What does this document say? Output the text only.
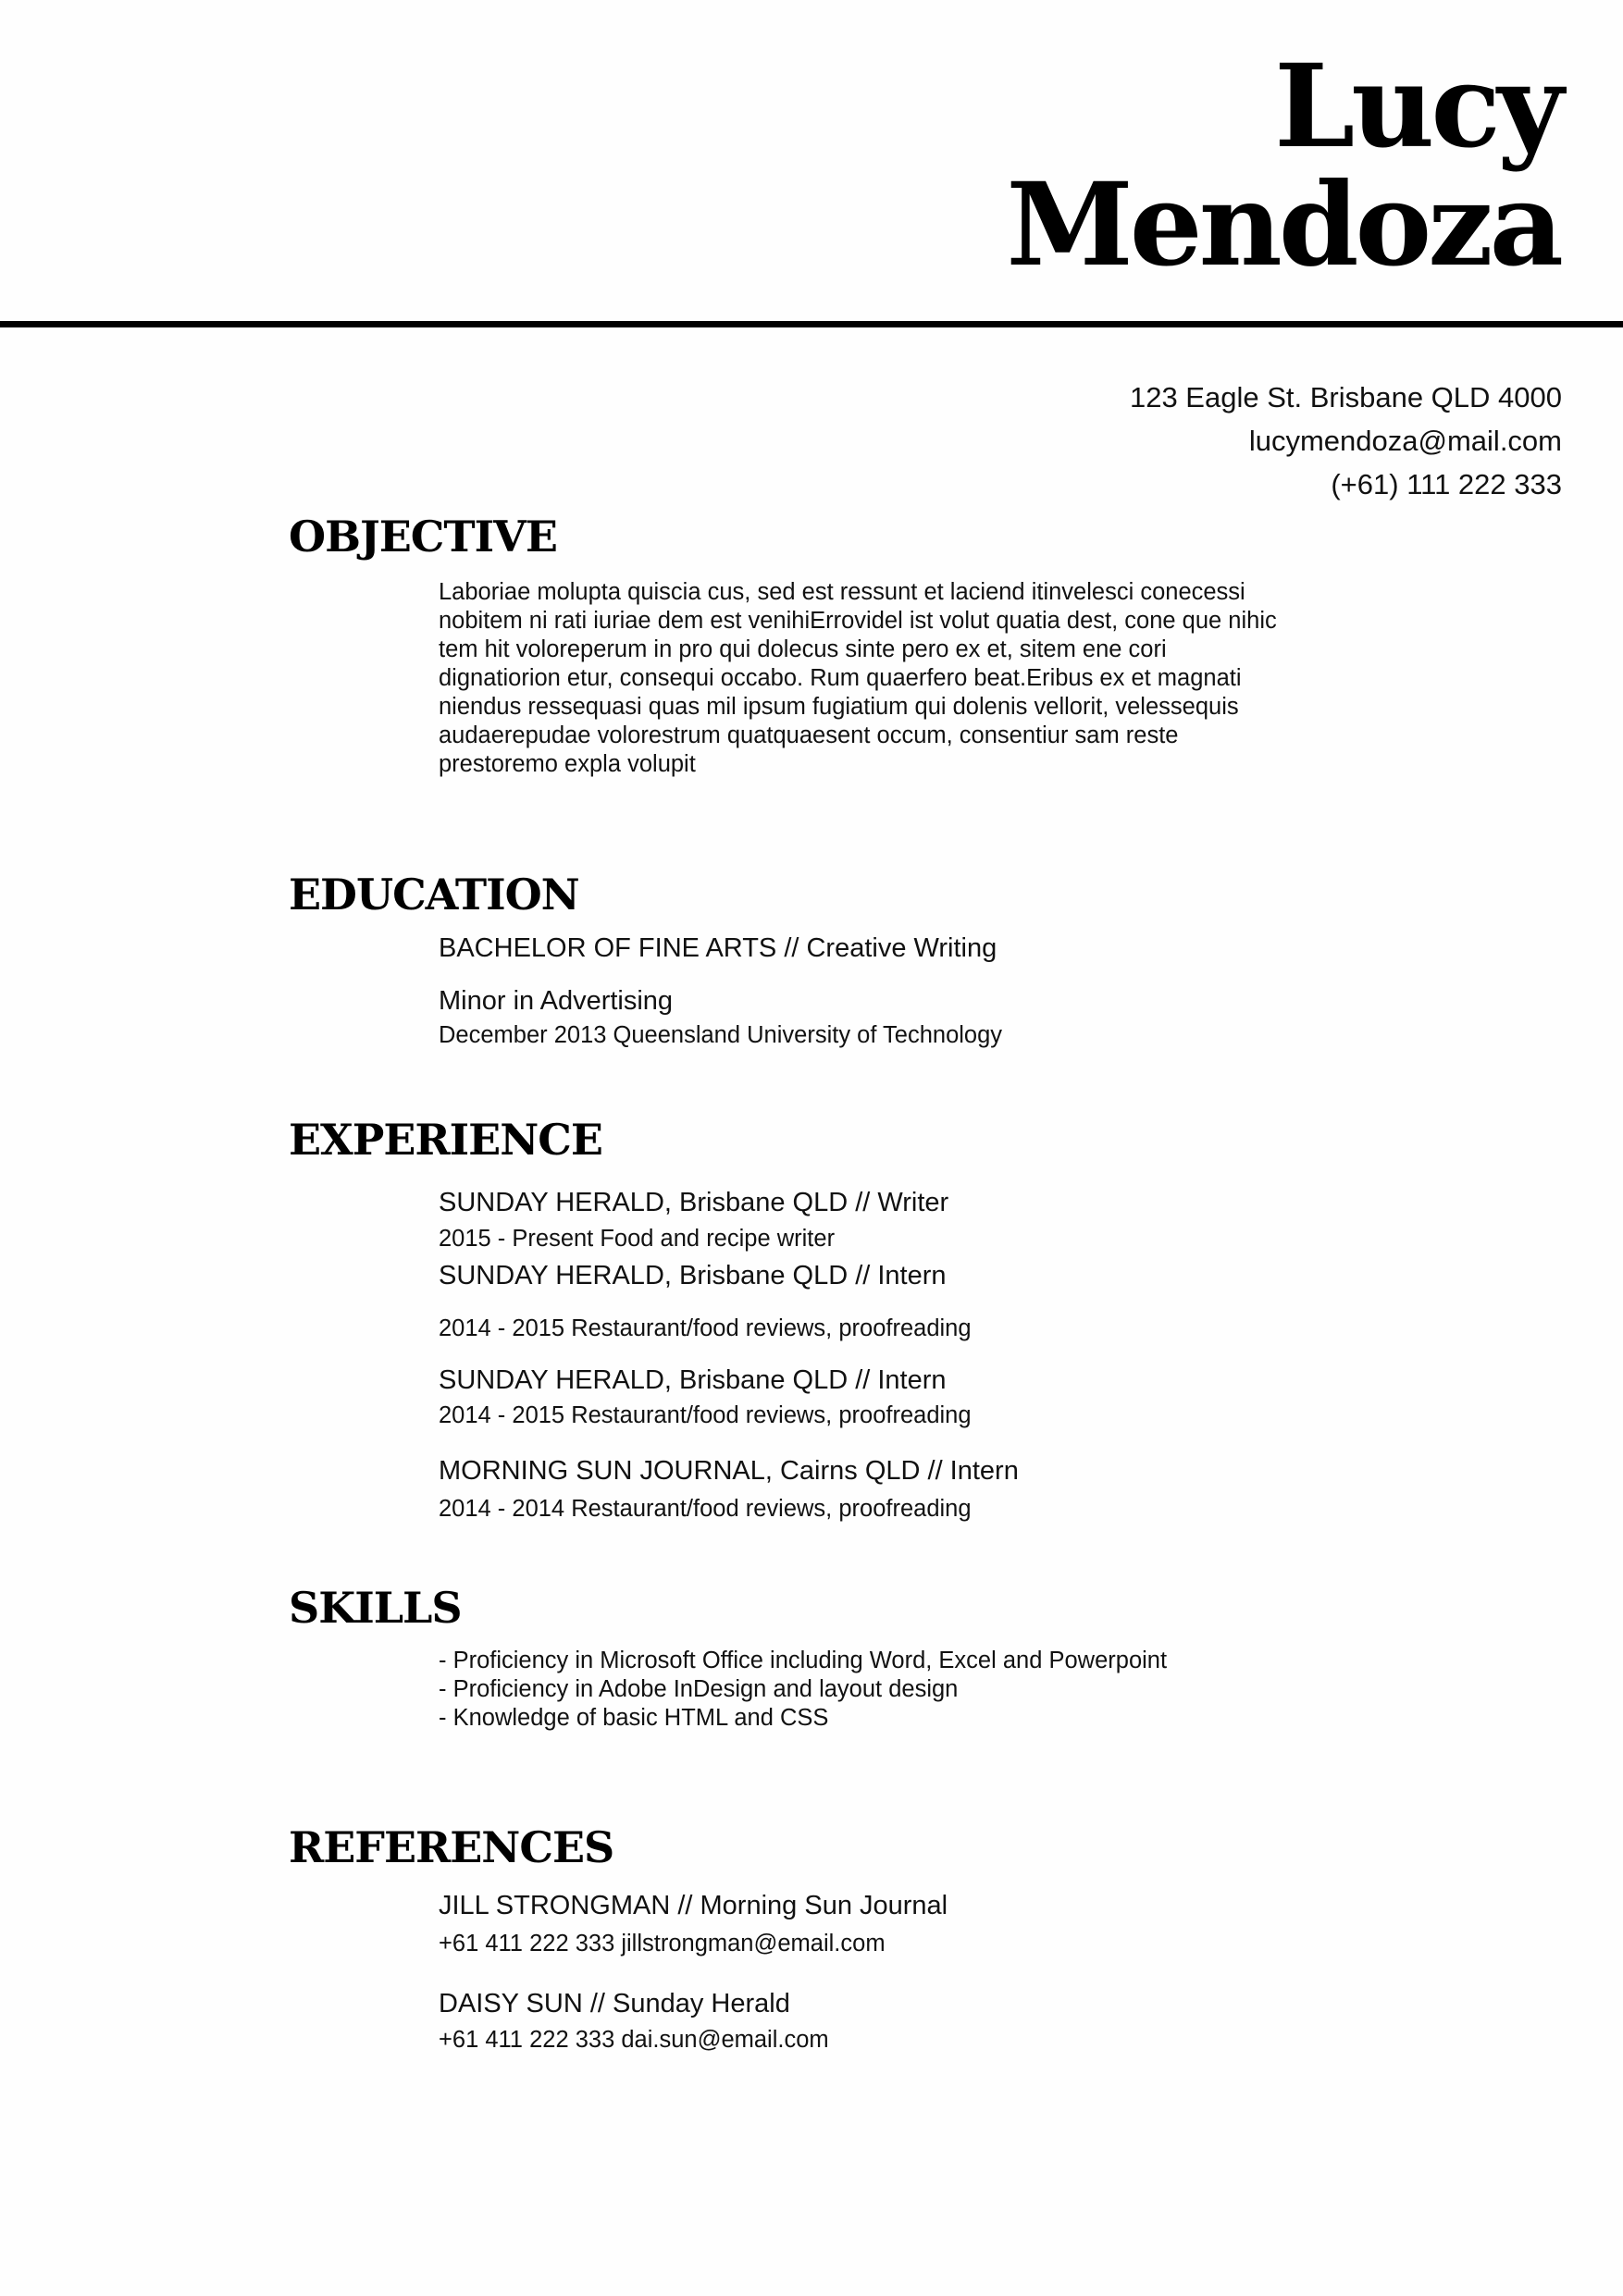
Lucy
Mendoza
123 Eagle St. Brisbane QLD 4000
lucymendoza@mail.com
(+61) 111 222 333
OBJECTIVE
Laboriae molupta quiscia cus, sed est ressunt et laciend itinvelesci conecessi nobitem ni rati iuriae dem est venihiErrovidel ist volut quatia dest, cone que nihic tem hit voloreperum in pro qui dolecus sinte pero ex et, sitem ene cori dignatiorion etur, consequi occabo. Rum quaerfero beat.Eribus ex et magnati niendus ressequasi quas mil ipsum fugiatium qui dolenis vellorit, velessequis audaerepudae volorestrum quatquaesent occum, consentiur sam reste prestoremo expla volupit
EDUCATION
BACHELOR OF FINE ARTS // Creative Writing
Minor in Advertising
December 2013 Queensland University of Technology
EXPERIENCE
SUNDAY HERALD, Brisbane QLD // Writer
2015 - Present Food and recipe writer
SUNDAY HERALD, Brisbane QLD // Intern
2014 - 2015 Restaurant/food reviews, proofreading
SUNDAY HERALD, Brisbane QLD // Intern
2014 - 2015 Restaurant/food reviews, proofreading
MORNING SUN JOURNAL, Cairns QLD // Intern
2014 - 2014 Restaurant/food reviews, proofreading
SKILLS
- Proficiency in Microsoft Office including Word, Excel and Powerpoint
- Proficiency in Adobe InDesign and layout design
- Knowledge of basic HTML and CSS
REFERENCES
JILL STRONGMAN // Morning Sun Journal
+61 411 222 333 jillstrongman@email.com
DAISY SUN // Sunday Herald
+61 411 222 333 dai.sun@email.com
